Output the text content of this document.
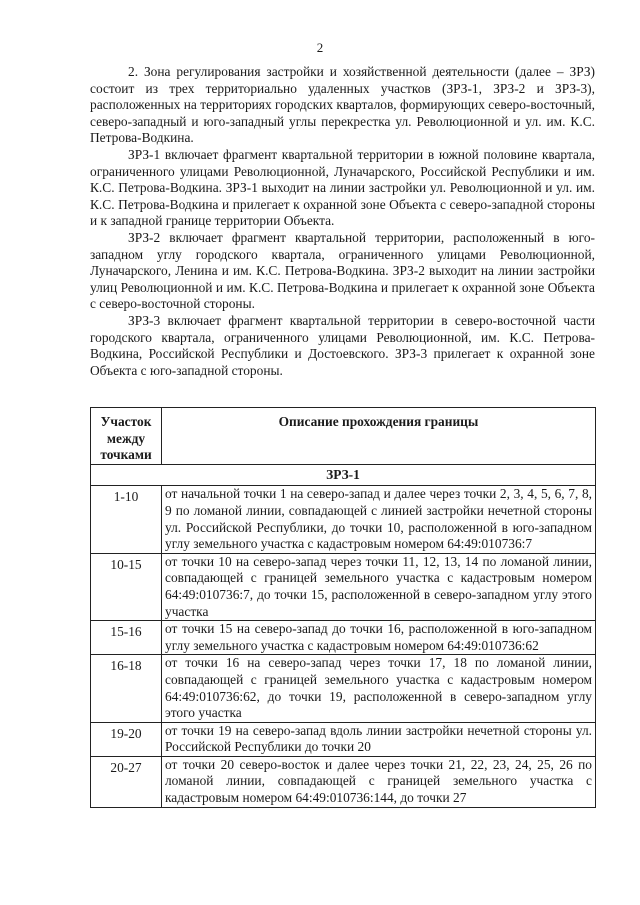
2

2. Зона регулирования застройки и хозяйственной деятельности (далее – ЗРЗ) состоит из трех территориально удаленных участков (ЗРЗ-1, ЗРЗ-2 и ЗРЗ-3), расположенных на территориях городских кварталов, формирующих северо-восточный, северо-западный и юго-западный углы перекрестка ул. Революционной и ул. им. К.С. Петрова-Водкина.

ЗРЗ-1 включает фрагмент квартальной территории в южной половине квартала, ограниченного улицами Революционной, Луначарского, Российской Республики и им. К.С. Петрова-Водкина. ЗРЗ-1 выходит на линии застройки ул. Революционной и ул. им. К.С. Петрова-Водкина и прилегает к охранной зоне Объекта с северо-западной стороны и к западной границе территории Объекта.

ЗРЗ-2 включает фрагмент квартальной территории, расположенный в юго-западном углу городского квартала, ограниченного улицами Революционной, Луначарского, Ленина и им. К.С. Петрова-Водкина. ЗРЗ-2 выходит на линии застройки улиц Революционной и им. К.С. Петрова-Водкина и прилегает к охранной зоне Объекта с северо-восточной стороны.

ЗРЗ-3 включает фрагмент квартальной территории в северо-восточной части городского квартала, ограниченного улицами Революционной, им. К.С. Петрова-Водкина, Российской Республики и Достоевского. ЗРЗ-3 прилегает к охранной зоне Объекта с юго-западной стороны.

Участок между точками	Описание прохождения границы
ЗРЗ-1	
1-10	от начальной точки 1 на северо-запад и далее через точки 2, 3, 4, 5, 6, 7, 8, 9 по ломаной линии, совпадающей с линией застройки нечетной стороны ул. Российской Республики, до точки 10, расположенной в юго-западном углу земельного участка с кадастровым номером 64:49:010736:7
10-15	от точки 10 на северо-запад через точки 11, 12, 13, 14 по ломаной линии, совпадающей с границей земельного участка с кадастровым номером 64:49:010736:7, до точки 15, расположенной в северо-западном углу этого участка
15-16	от точки 15 на северо-запад до точки 16, расположенной в юго-западном углу земельного участка с кадастровым номером 64:49:010736:62
16-18	от точки 16 на северо-запад через точки 17, 18 по ломаной линии, совпадающей с границей земельного участка с кадастровым номером 64:49:010736:62, до точки 19, расположенной в северо-западном углу этого участка
19-20	от точки 19 на северо-запад вдоль линии застройки нечетной стороны ул. Российской Республики до точки 20
20-27	от точки 20 северо-восток и далее через точки 21, 22, 23, 24, 25, 26 по ломаной линии, совпадающей с границей земельного участка с кадастровым номером 64:49:010736:144, до точки 27
